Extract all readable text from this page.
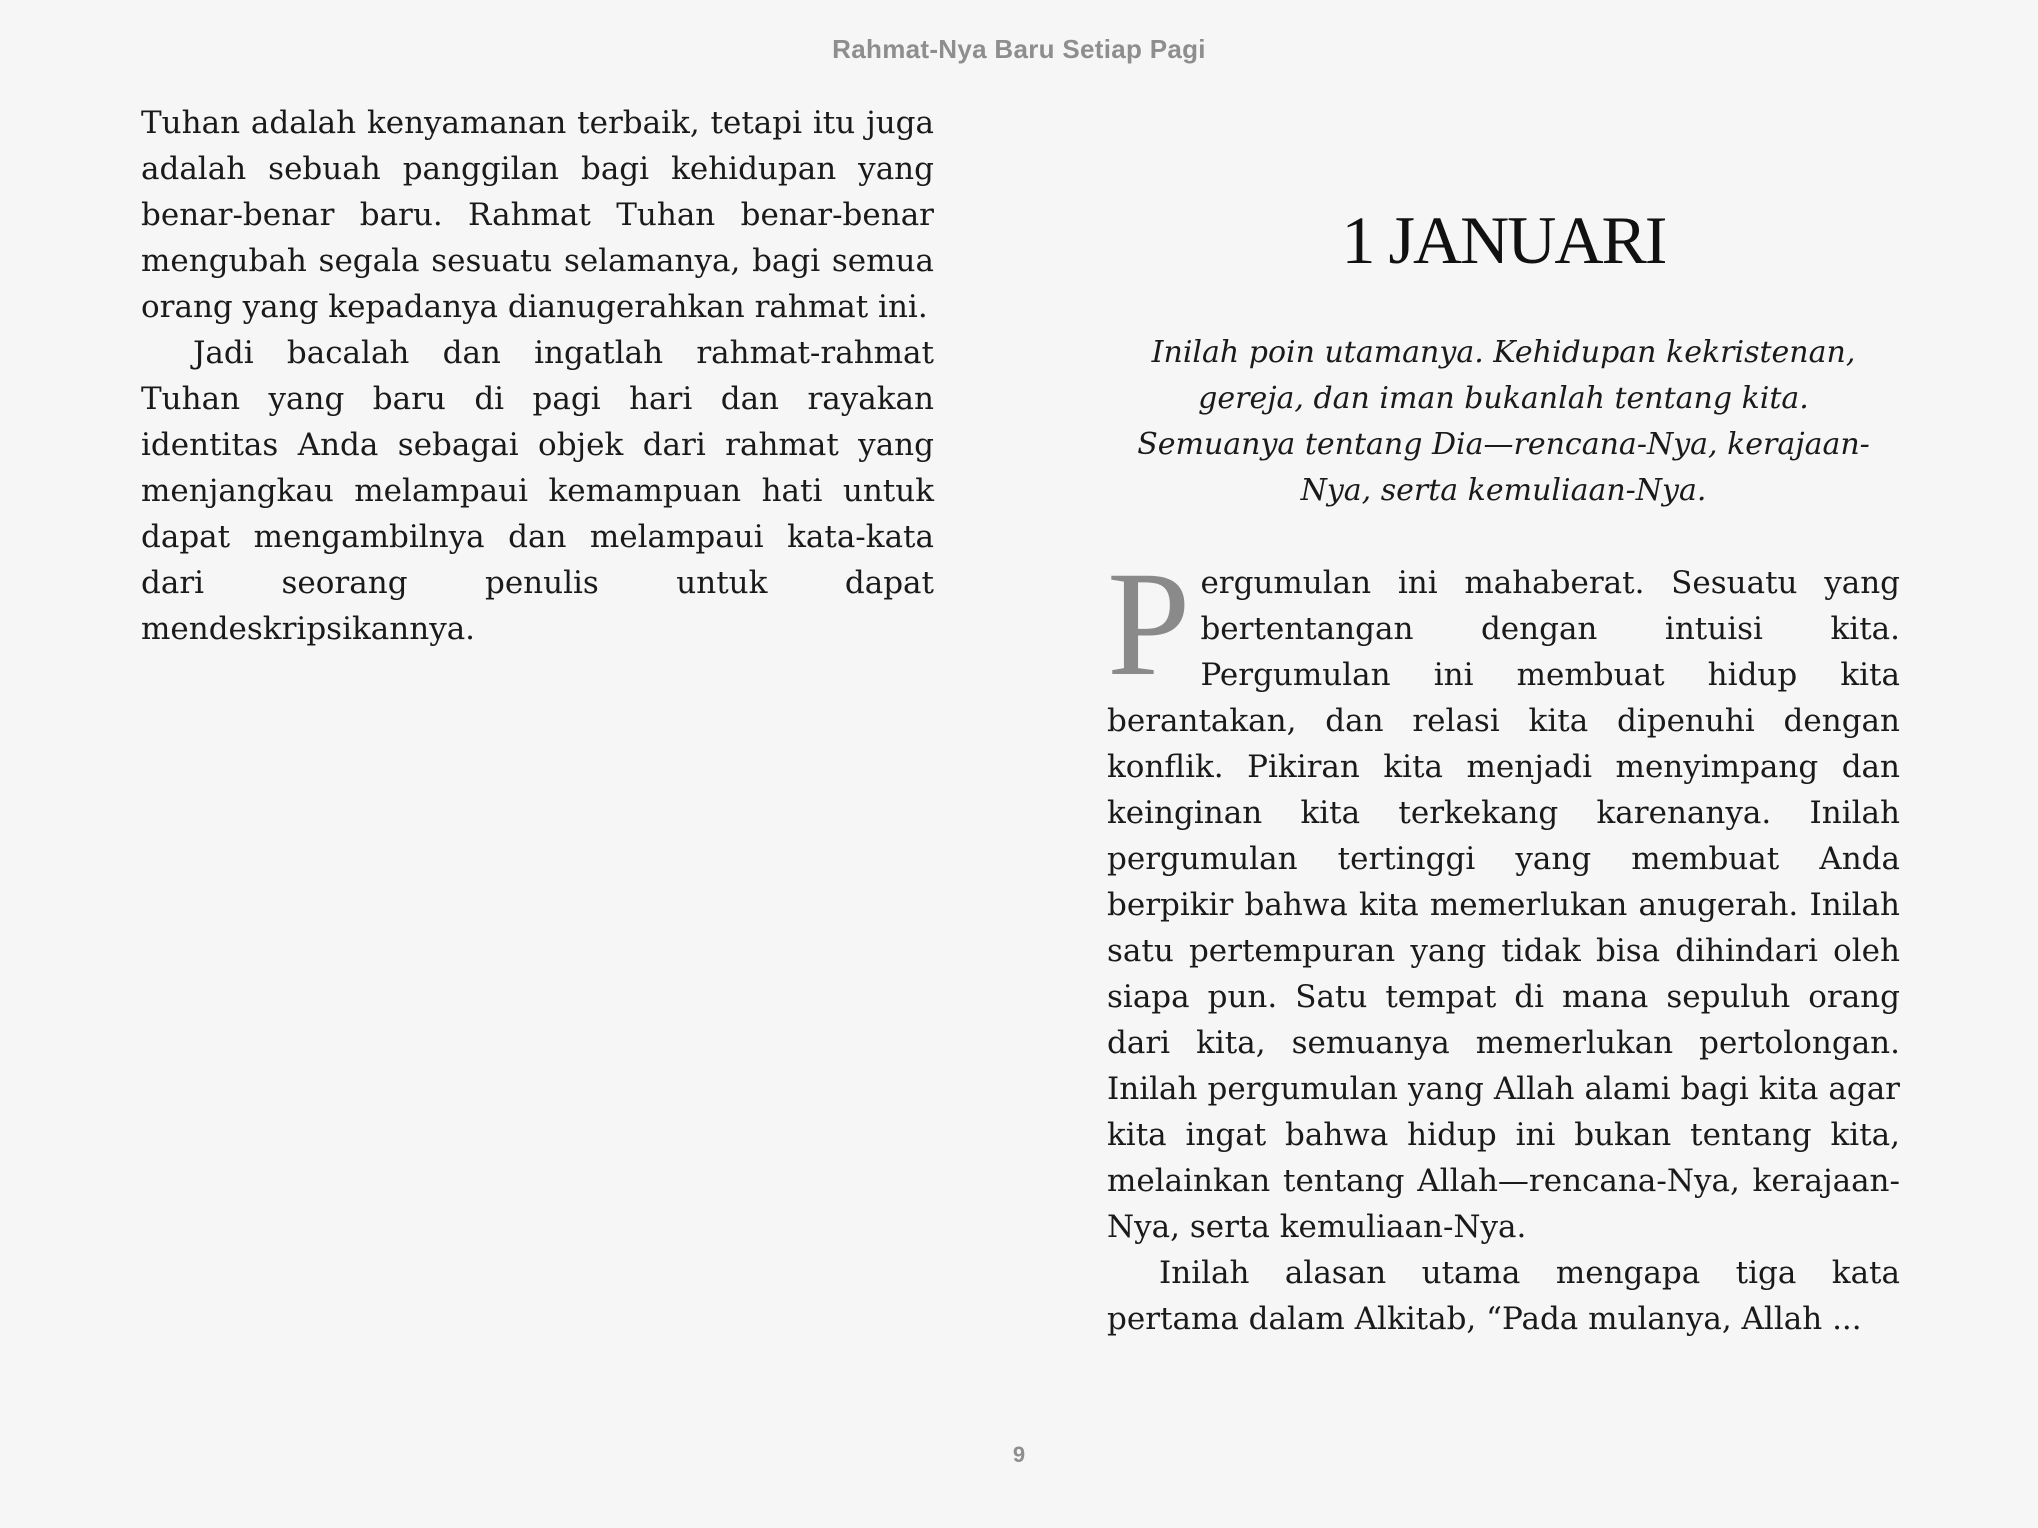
Rahmat-Nya Baru Setiap Pagi

Tuhan adalah kenyamanan terbaik, tetapi itu juga adalah sebuah panggilan bagi kehidupan yang benar-benar baru. Rahmat Tuhan benar-benar mengubah segala sesuatu selamanya, bagi semua orang yang kepadanya dianugerahkan rahmat ini.

Jadi bacalah dan ingatlah rahmat-rahmat Tuhan yang baru di pagi hari dan rayakan identitas Anda sebagai objek dari rahmat yang menjangkau melampaui kemampuan hati untuk dapat mengambilnya dan melampaui kata-kata dari seorang penulis untuk dapat mendeskripsikannya.

1 JANUARI

Inilah poin utamanya. Kehidupan kekristenan, gereja, dan iman bukanlah tentang kita. Semuanya tentang Dia—rencana-Nya, kerajaan-Nya, serta kemuliaan-Nya.

Pergumulan ini mahaberat. Sesuatu yang bertentangan dengan intuisi kita. Pergumulan ini membuat hidup kita berantakan, dan relasi kita dipenuhi dengan konflik. Pikiran kita menjadi menyimpang dan keinginan kita terkekang karenanya. Inilah pergumulan tertinggi yang membuat Anda berpikir bahwa kita memerlukan anugerah. Inilah satu pertempuran yang tidak bisa dihindari oleh siapa pun. Satu tempat di mana sepuluh orang dari kita, semuanya memerlukan pertolongan. Inilah pergumulan yang Allah alami bagi kita agar kita ingat bahwa hidup ini bukan tentang kita, melainkan tentang Allah—rencana-Nya, kerajaan-Nya, serta kemuliaan-Nya.

Inilah alasan utama mengapa tiga kata pertama dalam Alkitab, “Pada mulanya, Allah ...

9
